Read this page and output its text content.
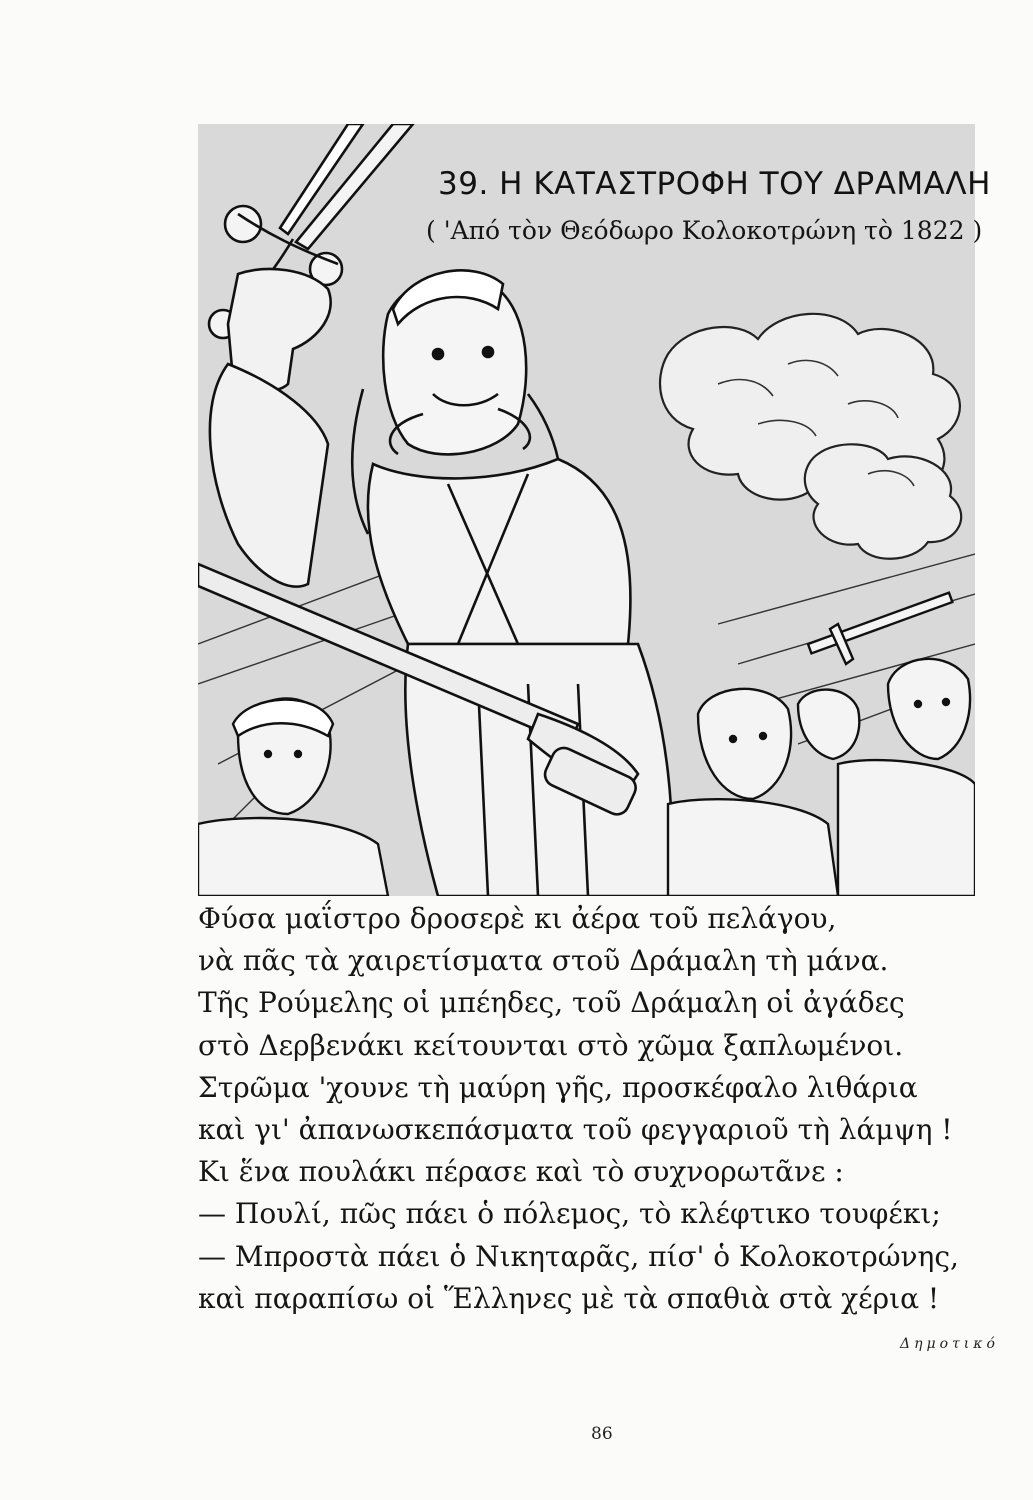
39. Η ΚΑΤΑΣΤΡΟΦΗ ΤΟΥ ΔΡΑΜΑΛΗ
( 'Από τὸν Θεόδωρο Κολοκοτρώνη τὸ 1822 )
Φύσα μαΐστρο δροσερὲ κι ἀέρα τοῦ πελάγου,
νὰ πᾶς τὰ χαιρετίσματα στοῦ Δράμαλη τὴ μάνα.
Τῆς Ρούμελης οἱ μπέηδες, τοῦ Δράμαλη οἱ ἀγάδες
στὸ Δερβενάκι κείτουνται στὸ χῶμα ξαπλωμένοι.
Στρῶμα 'χουνε τὴ μαύρη γῆς, προσκέφαλο λιθάρια
καὶ γι' ἀπανωσκεπάσματα τοῦ φεγγαριοῦ τὴ λάμψη !
Κι ἕνα πουλάκι πέρασε καὶ τὸ συχνορωτᾶνε :
— Πουλί, πῶς πάει ὁ πόλεμος, τὸ κλέφτικο τουφέκι;
— Μπροστὰ πάει ὁ Νικηταρᾶς, πίσ' ὁ Κολοκοτρώνης,
καὶ παραπίσω οἱ Ἕλληνες μὲ τὰ σπαθιὰ στὰ χέρια !
Δημοτικό
86
